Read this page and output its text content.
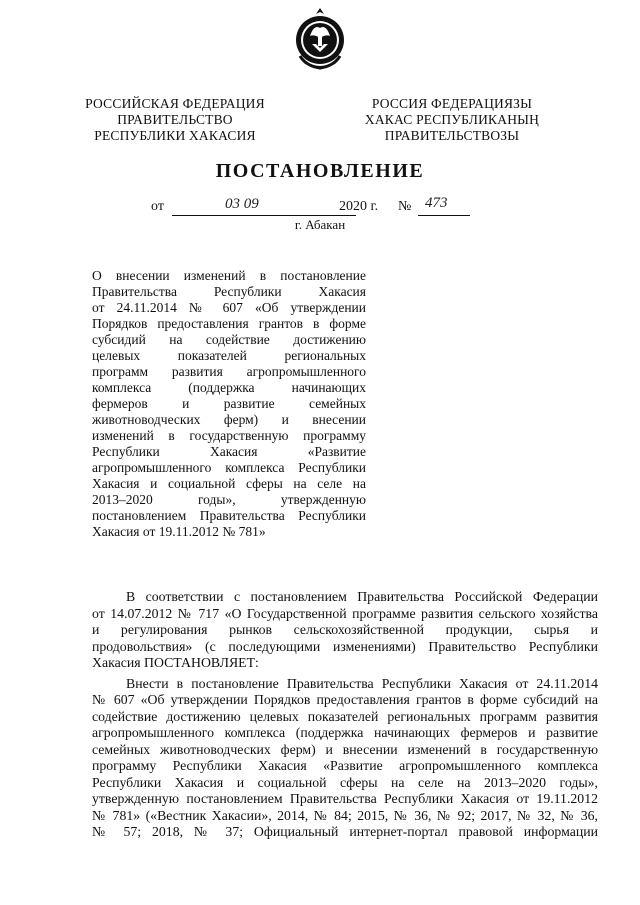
РОССИЙСКАЯ ФЕДЕРАЦИЯ
ПРАВИТЕЛЬСТВО
РЕСПУБЛИКИ ХАКАСИЯ
РОССИЯ ФЕДЕРАЦИЯЗЫ
ХАКАС РЕСПУБЛИКАНЫҢ
ПРАВИТЕЛЬСТВОЗЫ
ПОСТАНОВЛЕНИЕ
от	03 09	2020 г. № 473
г. Абакан
О внесении изменений в постановление
Правительства Республики Хакасия
от 24.11.2014 № 607 «Об утверждении
Порядков предоставления грантов в форме
субсидий на содействие достижению
целевых показателей региональных
программ развития агропромышленного
комплекса (поддержка начинающих
фермеров и развитие семейных
животноводческих ферм) и внесении
изменений в государственную программу
Республики Хакасия «Развитие
агропромышленного комплекса Республики
Хакасия и социальной сферы на селе на
2013–2020 годы», утвержденную
постановлением Правительства Республики
Хакасия от 19.11.2012 № 781»
В соответствии с постановлением Правительства Российской Федерации
от 14.07.2012 № 717 «О Государственной программе развития сельского хозяйства
и регулирования рынков сельскохозяйственной продукции, сырья и
продовольствия» (с последующими изменениями) Правительство Республики
Хакасия ПОСТАНОВЛЯЕТ:
Внести в постановление Правительства Республики Хакасия от 24.11.2014
№ 607 «Об утверждении Порядков предоставления грантов в форме субсидий на
содействие достижению целевых показателей региональных программ развития
агропромышленного комплекса (поддержка начинающих фермеров и развитие
семейных животноводческих ферм) и внесении изменений в государственную
программу Республики Хакасия «Развитие агропромышленного комплекса
Республики Хакасия и социальной сферы на селе на 2013–2020 годы»,
утвержденную постановлением Правительства Республики Хакасия от 19.11.2012
№ 781» («Вестник Хакасии», 2014, № 84; 2015, № 36, № 92; 2017, № 32, № 36,
№ 57; 2018, № 37; Официальный интернет-портал правовой информации
